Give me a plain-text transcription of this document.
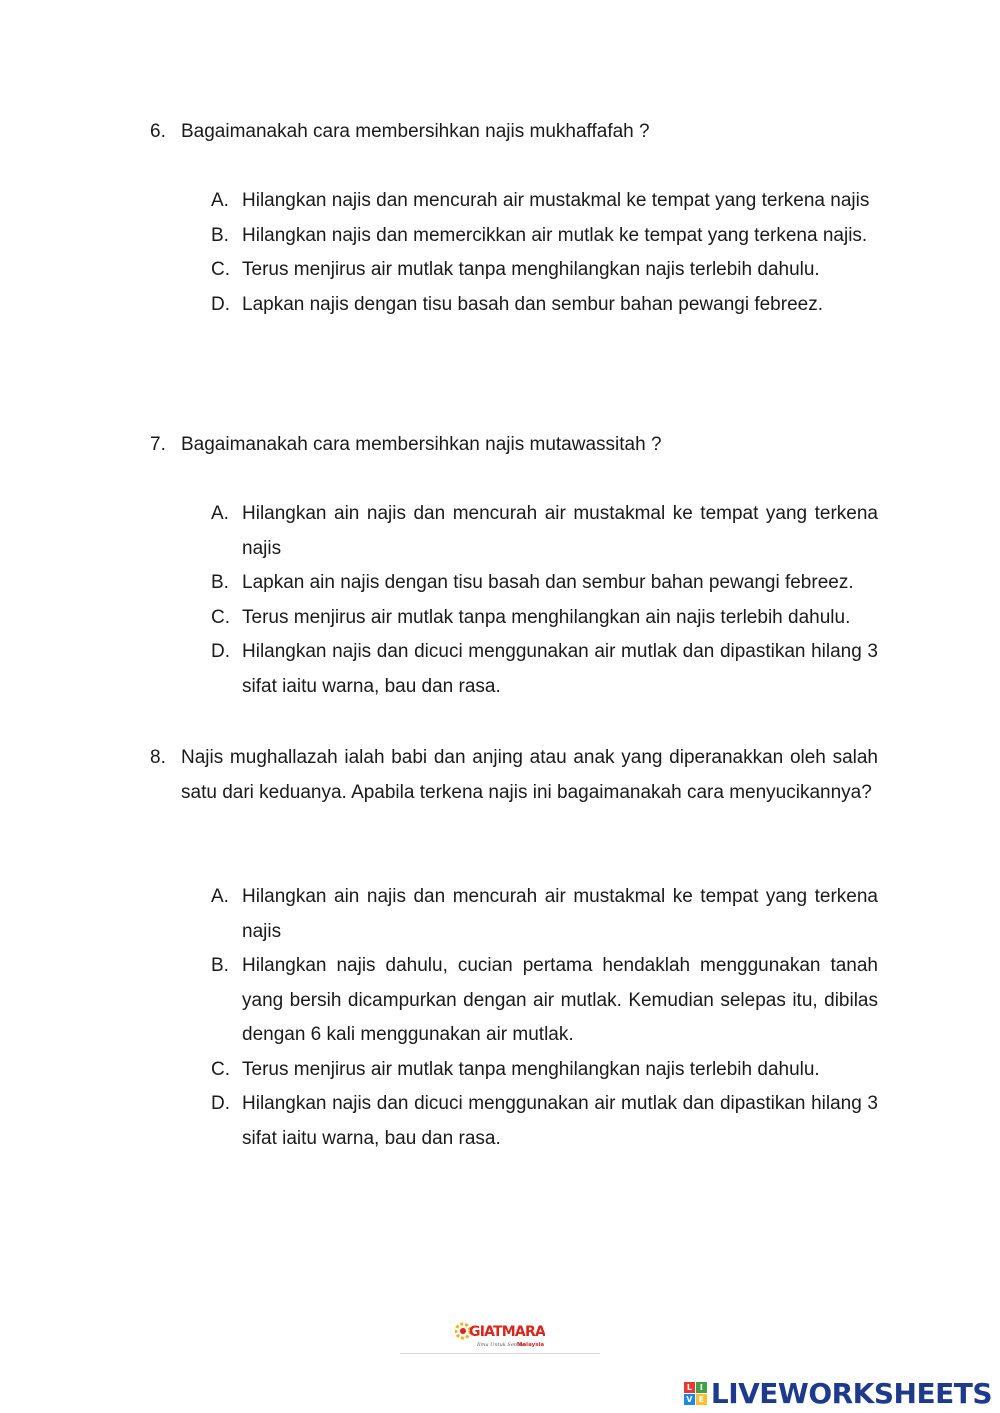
6. Bagaimanakah cara membersihkan najis mukhaffafah ?
A. Hilangkan najis dan mencurah air mustakmal ke tempat yang terkena najis
B. Hilangkan najis dan memercikkan air mutlak ke tempat yang terkena najis.
C. Terus menjirus air mutlak tanpa menghilangkan najis terlebih dahulu.
D. Lapkan najis dengan tisu basah dan sembur bahan pewangi febreez.
7. Bagaimanakah cara membersihkan najis mutawassitah ?
A. Hilangkan ain najis dan mencurah air mustakmal ke tempat yang terkena najis
B. Lapkan ain najis dengan tisu basah dan sembur bahan pewangi febreez.
C. Terus menjirus air mutlak tanpa menghilangkan ain najis terlebih dahulu.
D. Hilangkan najis dan dicuci menggunakan air mutlak dan dipastikan hilang 3 sifat iaitu warna, bau dan rasa.
8. Najis mughallazah ialah babi dan anjing atau anak yang diperanakkan oleh salah satu dari keduanya. Apabila terkena najis ini bagaimanakah cara menyucikannya?
A. Hilangkan ain najis dan mencurah air mustakmal ke tempat yang terkena najis
B. Hilangkan najis dahulu, cucian pertama hendaklah menggunakan tanah yang bersih dicampurkan dengan air mutlak. Kemudian selepas itu, dibilas dengan 6 kali menggunakan air mutlak.
C. Terus menjirus air mutlak tanpa menghilangkan najis terlebih dahulu.
D. Hilangkan najis dan dicuci menggunakan air mutlak dan dipastikan hilang 3 sifat iaitu warna, bau dan rasa.
GIATMARA
Ilmu Untuk Semua
Malaysia
L I
V E LIVEWORKSHEETS
